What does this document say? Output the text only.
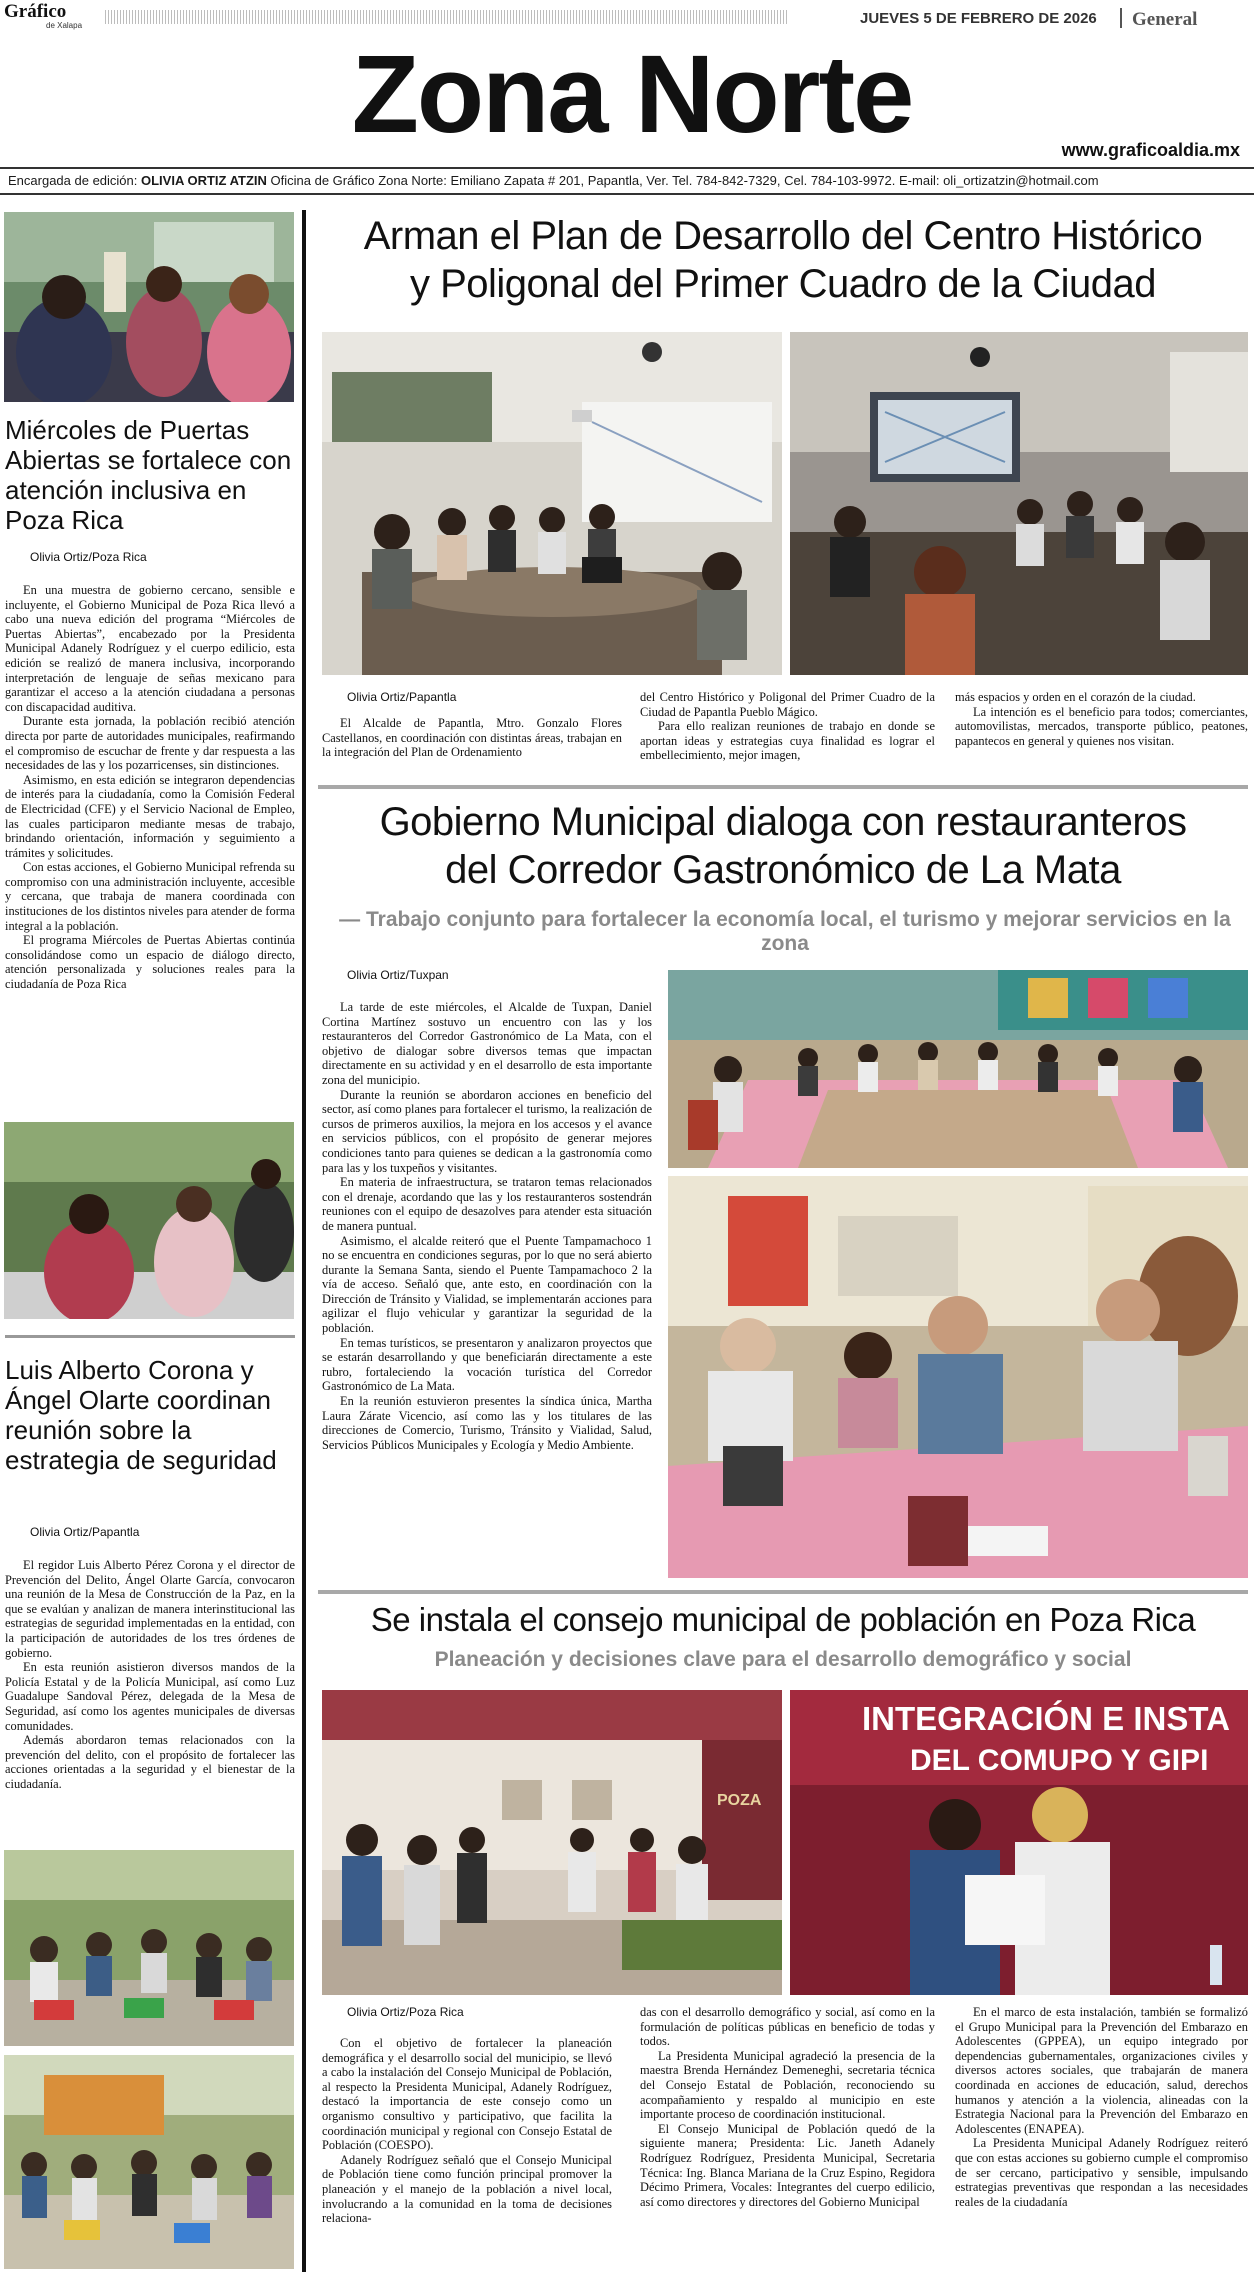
Gráfico
de Xalapa	JUEVES 5 DE FEBRERO DE 2026 General
Zona Norte	www.graficoaldia.mx
Encargada de edición: OLIVIA ORTIZ ATZIN Oficina de Gráfico Zona Norte: Emiliano Zapata # 201, Papantla, Ver. Tel. 784-842-7329, Cel. 784-103-9972. E-mail: oli_ortizatzin@hotmail.com
Miércoles de Puertas Abiertas se fortalece con atención inclusiva en Poza Rica
Olivia Ortiz/Poza Rica

En una muestra de gobierno cercano, sensible e incluyente, el Gobierno Municipal de Poza Rica llevó a cabo una nueva edición del programa “Miércoles de Puertas Abiertas”, encabezado por la Presidenta Municipal Adanely Rodríguez y el cuerpo edilicio, esta edición se realizó de manera inclusiva, incorporando interpretación de lenguaje de señas mexicano para garantizar el acceso a la atención ciudadana a personas con discapacidad auditiva.

Durante esta jornada, la población recibió atención directa por parte de autoridades municipales, reafirmando el compromiso de escuchar de frente y dar respuesta a las necesidades de las y los pozarricenses, sin distinciones.

Asimismo, en esta edición se integraron dependencias de interés para la ciudadanía, como la Comisión Federal de Electricidad (CFE) y el Servicio Nacional de Empleo, las cuales participaron mediante mesas de trabajo, brindando orientación, información y seguimiento a trámites y solicitudes.

Con estas acciones, el Gobierno Municipal refrenda su compromiso con una administración incluyente, accesible y cercana, que trabaja de manera coordinada con instituciones de los distintos niveles para atender de forma integral a la población.

El programa Miércoles de Puertas Abiertas continúa consolidándose como un espacio de diálogo directo, atención personalizada y soluciones reales para la ciudadanía de Poza Rica

Luis Alberto Corona y Ángel Olarte coordinan reunión sobre la estrategia de seguridad
Olivia Ortiz/Papantla

El regidor Luis Alberto Pérez Corona y el director de Prevención del Delito, Ángel Olarte García, convocaron una reunión de la Mesa de Construcción de la Paz, en la que se evalúan y analizan de manera interinstitucional las estrategias de seguridad implementadas en la entidad, con la participación de autoridades de los tres órdenes de gobierno.

En esta reunión asistieron diversos mandos de la Policía Estatal y de la Policía Municipal, así como Luz Guadalupe Sandoval Pérez, delegada de la Mesa de Seguridad, así como los agentes municipales de diversas comunidades.

Además abordaron temas relacionados con la prevención del delito, con el propósito de fortalecer las acciones orientadas a la seguridad y el bienestar de la ciudadanía.

Arman el Plan de Desarrollo del Centro Histórico
y Poligonal del Primer Cuadro de la Ciudad
Olivia Ortiz/Papantla

El Alcalde de Papantla, Mtro. Gonzalo Flores Castellanos, en coordinación con distintas áreas, trabajan en la integración del Plan de Ordenamiento

del Centro Histórico y Poligonal del Primer Cuadro de la Ciudad de Papantla Pueblo Mágico.

Para ello realizan reuniones de trabajo en donde se aportan ideas y estrategias cuya finalidad es lograr el embellecimiento, mejor imagen,

más espacios y orden en el corazón de la ciudad.

La intención es el beneficio para todos; comerciantes, automovilistas, mercados, transporte público, peatones, papantecos en general y quienes nos visitan.

Gobierno Municipal dialoga con restauranteros
del Corredor Gastronómico de La Mata
— Trabajo conjunto para fortalecer la economía local, el turismo y mejorar servicios en la zona
Olivia Ortiz/Tuxpan

La tarde de este miércoles, el Alcalde de Tuxpan, Daniel Cortina Martínez sostuvo un encuentro con las y los restauranteros del Corredor Gastronómico de La Mata, con el objetivo de dialogar sobre diversos temas que impactan directamente en su actividad y en el desarrollo de esta importante zona del municipio.

Durante la reunión se abordaron acciones en beneficio del sector, así como planes para fortalecer el turismo, la realización de cursos de primeros auxilios, la mejora en los accesos y el avance en servicios públicos, con el propósito de generar mejores condiciones tanto para quienes se dedican a la gastronomía como para las y los tuxpeños y visitantes.

En materia de infraestructura, se trataron temas relacionados con el drenaje, acordando que las y los restauranteros sostendrán reuniones con el equipo de desazolves para atender esta situación de manera puntual.

Asimismo, el alcalde reiteró que el Puente Tampamachoco 1 no se encuentra en condiciones seguras, por lo que no será abierto durante la Semana Santa, siendo el Puente Tampamachoco 2 la vía de acceso. Señaló que, ante esto, en coordinación con la Dirección de Tránsito y Vialidad, se implementarán acciones para agilizar el flujo vehicular y garantizar la seguridad de la población.

En temas turísticos, se presentaron y analizaron proyectos que se estarán desarrollando y que beneficiarán directamente a este rubro, fortaleciendo la vocación turística del Corredor Gastronómico de La Mata.

En la reunión estuvieron presentes la síndica única, Martha Laura Zárate Vicencio, así como las y los titulares de las direcciones de Comercio, Turismo, Tránsito y Vialidad, Salud, Servicios Públicos Municipales y Ecología y Medio Ambiente.

Se instala el consejo municipal de población en Poza Rica
Planeación y decisiones clave para el desarrollo demográfico y social
POZA
INTEGRACIÓN E INSTA
DEL COMUPO Y GIPI
Olivia Ortiz/Poza Rica

Con el objetivo de fortalecer la planeación demográfica y el desarrollo social del municipio, se llevó a cabo la instalación del Consejo Municipal de Población, al respecto la Presidenta Municipal, Adanely Rodríguez, destacó la importancia de este consejo como un organismo consultivo y participativo, que facilita la coordinación municipal y regional con Consejo Estatal de Población (COESPO).

Adanely Rodríguez señaló que el Consejo Municipal de Población tiene como función principal promover la planeación y el manejo de la población a nivel local, involucrando a la comunidad en la toma de decisiones relaciona-

das con el desarrollo demográfico y social, así como en la formulación de políticas públicas en beneficio de todas y todos.

La Presidenta Municipal agradeció la presencia de la maestra Brenda Hernández Demeneghi, secretaria técnica del Consejo Estatal de Población, reconociendo su acompañamiento y respaldo al municipio en este importante proceso de coordinación institucional.

El Consejo Municipal de Población quedó de la siguiente manera; Presidenta: Lic. Janeth Adanely Rodríguez Rodríguez, Presidenta Municipal, Secretaria Técnica: Ing. Blanca Mariana de la Cruz Espino, Regidora Décimo Primera, Vocales: Integrantes del cuerpo edilicio, así como directores y directores del Gobierno Municipal

En el marco de esta instalación, también se formalizó el Grupo Municipal para la Prevención del Embarazo en Adolescentes (GPPEA), un equipo integrado por dependencias gubernamentales, organizaciones civiles y diversos actores sociales, que trabajarán de manera coordinada en acciones de educación, salud, derechos humanos y atención a la violencia, alineadas con la Estrategia Nacional para la Prevención del Embarazo en Adolescentes (ENAPEA).

La Presidenta Municipal Adanely Rodríguez reiteró que con estas acciones su gobierno cumple el compromiso de ser cercano, participativo y sensible, impulsando estrategias preventivas que respondan a las necesidades reales de la ciudadanía
